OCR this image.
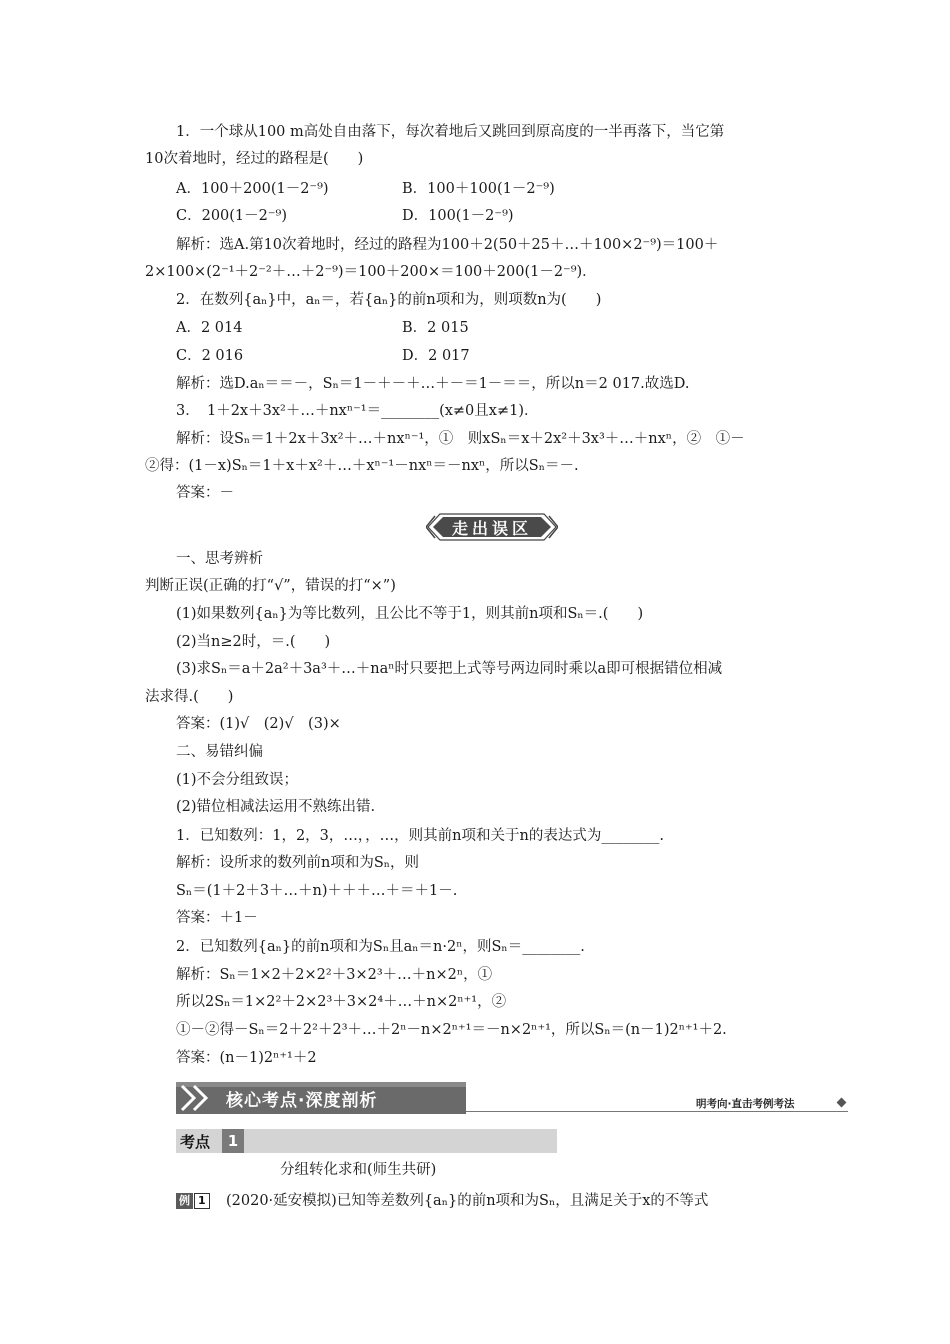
1．一个球从100 m高处自由落下，每次着地后又跳回到原高度的一半再落下，当它第
10次着地时，经过的路程是(　　)
A．100＋200(1－2⁻⁹)	B．100＋100(1－2⁻⁹)
C．200(1－2⁻⁹)	D．100(1－2⁻⁹)
解析：选A.第10次着地时，经过的路程为100＋2(50＋25＋…＋100×2⁻⁹)＝100＋
2×100×(2⁻¹＋2⁻²＋…＋2⁻⁹)＝100＋200×＝100＋200(1－2⁻⁹)．
2．在数列{aₙ}中，aₙ＝，若{aₙ}的前n项和为，则项数n为(　　)
A．2 014	B．2 015
C．2 016	D．2 017
解析：选D.aₙ＝＝－，Sₙ＝1－＋－＋…＋－＝1－＝＝，所以n＝2 017.故选D.
3．　1＋2x＋3x²＋…＋nxⁿ⁻¹＝________(x≠0且x≠1)．
解析：设Sₙ＝1＋2x＋3x²＋…＋nxⁿ⁻¹，①　则xSₙ＝x＋2x²＋3x³＋…＋nxⁿ，②　①－
②得：(1－x)Sₙ＝1＋x＋x²＋…＋xⁿ⁻¹－nxⁿ＝－nxⁿ，所以Sₙ＝－.
答案：－
走出误区
一、思考辨析
判断正误(正确的打“√”，错误的打“×”)
(1)如果数列{aₙ}为等比数列，且公比不等于1，则其前n项和Sₙ＝.(　　)
(2)当n≥2时，＝.(　　)
(3)求Sₙ＝a＋2a²＋3a³＋…＋naⁿ时只要把上式等号两边同时乘以a即可根据错位相减
法求得.(　　)
答案：(1)√　(2)√　(3)×
二、易错纠偏
(1)不会分组致误；
(2)错位相减法运用不熟练出错.
1．已知数列：1，2，3，…，，…，则其前n项和关于n的表达式为________.
解析：设所求的数列前n项和为Sₙ，则
Sₙ＝(1＋2＋3＋…＋n)＋＋＋…＋＝＋1－.
答案：＋1－
2．已知数列{aₙ}的前n项和为Sₙ且aₙ＝n·2ⁿ，则Sₙ＝________.
解析：Sₙ＝1×2＋2×2²＋3×2³＋…＋n×2ⁿ，①
所以2Sₙ＝1×2²＋2×2³＋3×2⁴＋…＋n×2ⁿ⁺¹，②
①－②得－Sₙ＝2＋2²＋2³＋…＋2ⁿ－n×2ⁿ⁺¹＝－n×2ⁿ⁺¹，所以Sₙ＝(n－1)2ⁿ⁺¹＋2.
答案：(n－1)2ⁿ⁺¹＋2
核心考点·深度剖析	明考向·直击考例考法
考点	1
分组转化求和(师生共研)
例 1 (2020·延安模拟)已知等差数列{aₙ}的前n项和为Sₙ，且满足关于x的不等式
